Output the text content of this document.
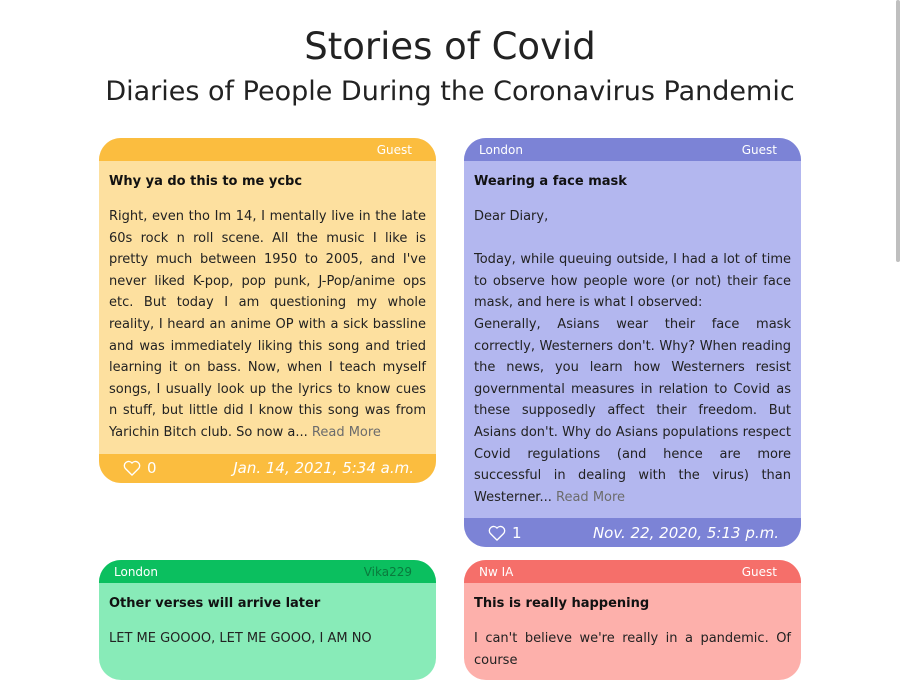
Stories of Covid
Diaries of People During the Coronavirus Pandemic
Guest

Why ya do this to me ycbc

Right, even tho Im 14, I mentally live in the late 60s rock n roll scene. All the music I like is pretty much between 1950 to 2005, and I've never liked K-pop, pop punk, J-Pop/anime ops etc. But today I am questioning my whole reality, I heard an anime OP with a sick bassline and was immediately liking this song and tried learning it on bass. Now, when I teach myself songs, I usually look up the lyrics to know cues n stuff, but little did I know this song was from Yarichin Bitch club. So now a... Read More

0	Jan. 14, 2021, 5:34 a.m.
London	Guest

Wearing a face mask

Dear Diary,

Today, while queuing outside, I had a lot of time to observe how people wore (or not) their face mask, and here is what I observed:
Generally, Asians wear their face mask correctly, Westerners don't. Why? When reading the news, you learn how Westerners resist governmental measures in relation to Covid as these supposedly affect their freedom. But Asians don't. Why do Asians populations respect Covid regulations (and hence are more successful in dealing with the virus) than Westerner... Read More

1	Nov. 22, 2020, 5:13 p.m.
London	Vika229

Other verses will arrive later

LET ME GOOOO, LET ME GOOO, I AM NO

Nw IA	Guest

This is really happening

I can't believe we're really in a pandemic. Of course
